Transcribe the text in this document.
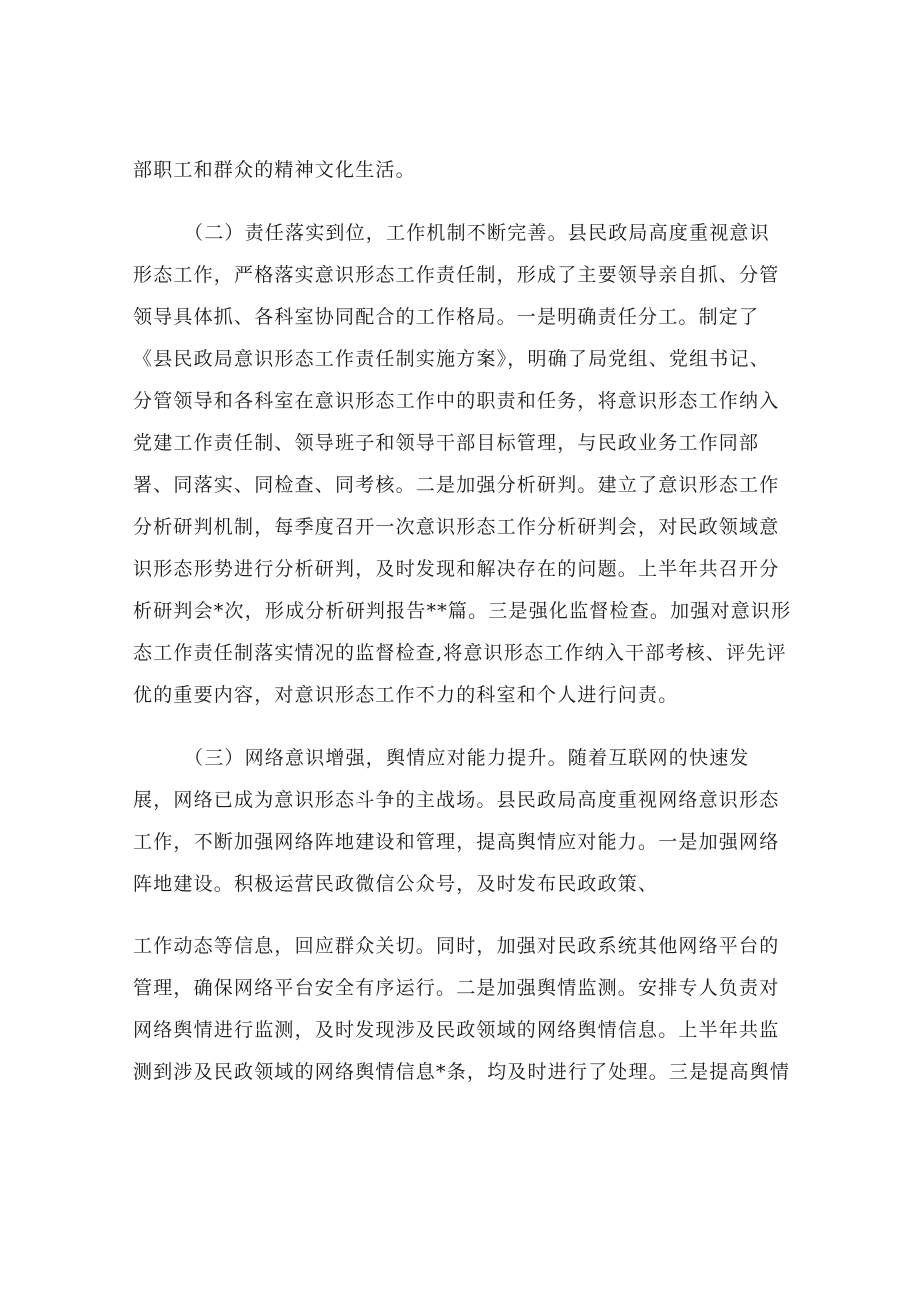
部职工和群众的精神文化生活。
（二）责任落实到位，工作机制不断完善。县民政局高度重视意识
形态工作，严格落实意识形态工作责任制，形成了主要领导亲自抓、分管
领导具体抓、各科室协同配合的工作格局。一是明确责任分工。制定了
《县民政局意识形态工作责任制实施方案》，明确了局党组、党组书记、
分管领导和各科室在意识形态工作中的职责和任务，将意识形态工作纳入
党建工作责任制、领导班子和领导干部目标管理，与民政业务工作同部
署、同落实、同检查、同考核。二是加强分析研判。建立了意识形态工作
分析研判机制，每季度召开一次意识形态工作分析研判会，对民政领域意
识形态形势进行分析研判，及时发现和解决存在的问题。上半年共召开分
析研判会*次，形成分析研判报告**篇。三是强化监督检查。加强对意识形
态工作责任制落实情况的监督检查,将意识形态工作纳入干部考核、评先评
优的重要内容，对意识形态工作不力的科室和个人进行问责。
（三）网络意识增强，舆情应对能力提升。随着互联网的快速发
展，网络已成为意识形态斗争的主战场。县民政局高度重视网络意识形态
工作，不断加强网络阵地建设和管理，提高舆情应对能力。一是加强网络
阵地建设。积极运营民政微信公众号，及时发布民政政策、
工作动态等信息，回应群众关切。同时，加强对民政系统其他网络平台的
管理，确保网络平台安全有序运行。二是加强舆情监测。安排专人负责对
网络舆情进行监测，及时发现涉及民政领域的网络舆情信息。上半年共监
测到涉及民政领域的网络舆情信息*条，均及时进行了处理。三是提高舆情
